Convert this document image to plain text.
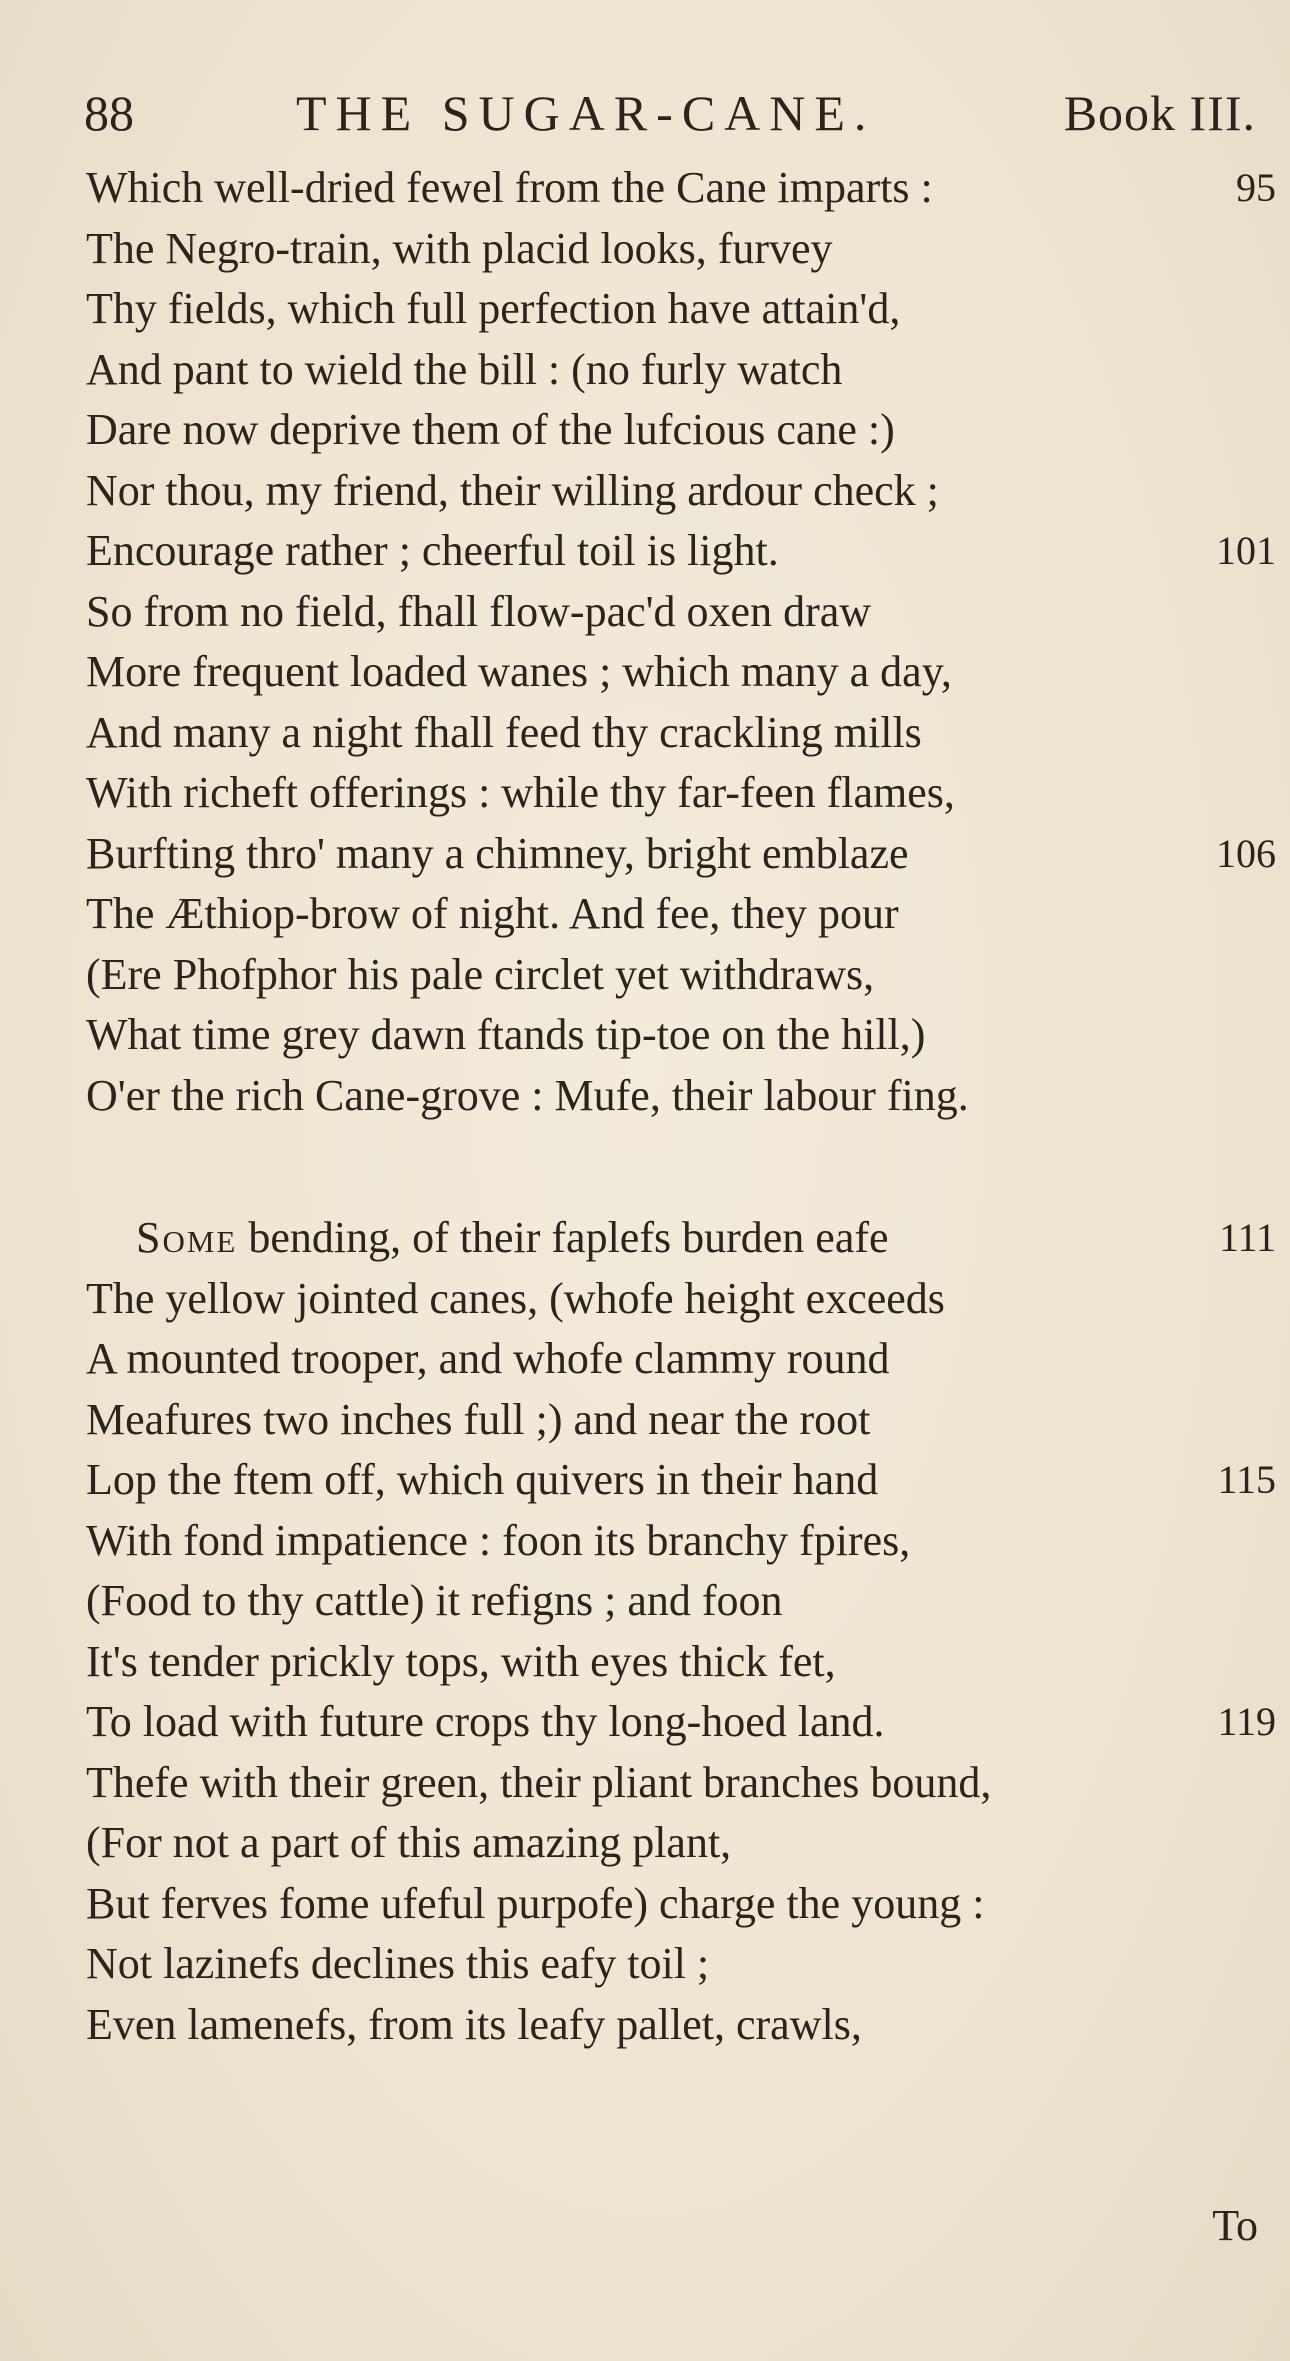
88	THE SUGAR-CANE.	Book III.
Which well-dried fewel from the Cane imparts :	95
The Negro-train, with placid looks, furvey
Thy fields, which full perfection have attain'd,
And pant to wield the bill : (no furly watch
Dare now deprive them of the lufcious cane :)
Nor thou, my friend, their willing ardour check ;
Encourage rather ; cheerful toil is light.	101
So from no field, fhall flow-pac'd oxen draw
More frequent loaded wanes ; which many a day,
And many a night fhall feed thy crackling mills
With richeft offerings : while thy far-feen flames,
Burfting thro' many a chimney, bright emblaze	106
The Æthiop-brow of night. And fee, they pour
(Ere Phofphor his pale circlet yet withdraws,
What time grey dawn ftands tip-toe on the hill,)
O'er the rich Cane-grove : Mufe, their labour fing.
Some bending, of their faplefs burden eafe	111
The yellow jointed canes, (whofe height exceeds
A mounted trooper, and whofe clammy round
Meafures two inches full ;) and near the root
Lop the ftem off, which quivers in their hand	115
With fond impatience : foon its branchy fpires,
(Food to thy cattle) it refigns ; and foon
It's tender prickly tops, with eyes thick fet,
To load with future crops thy long-hoed land.	119
Thefe with their green, their pliant branches bound,
(For not a part of this amazing plant,
But ferves fome ufeful purpofe) charge the young :
Not lazinefs declines this eafy toil ;
Even lamenefs, from its leafy pallet, crawls,
To
